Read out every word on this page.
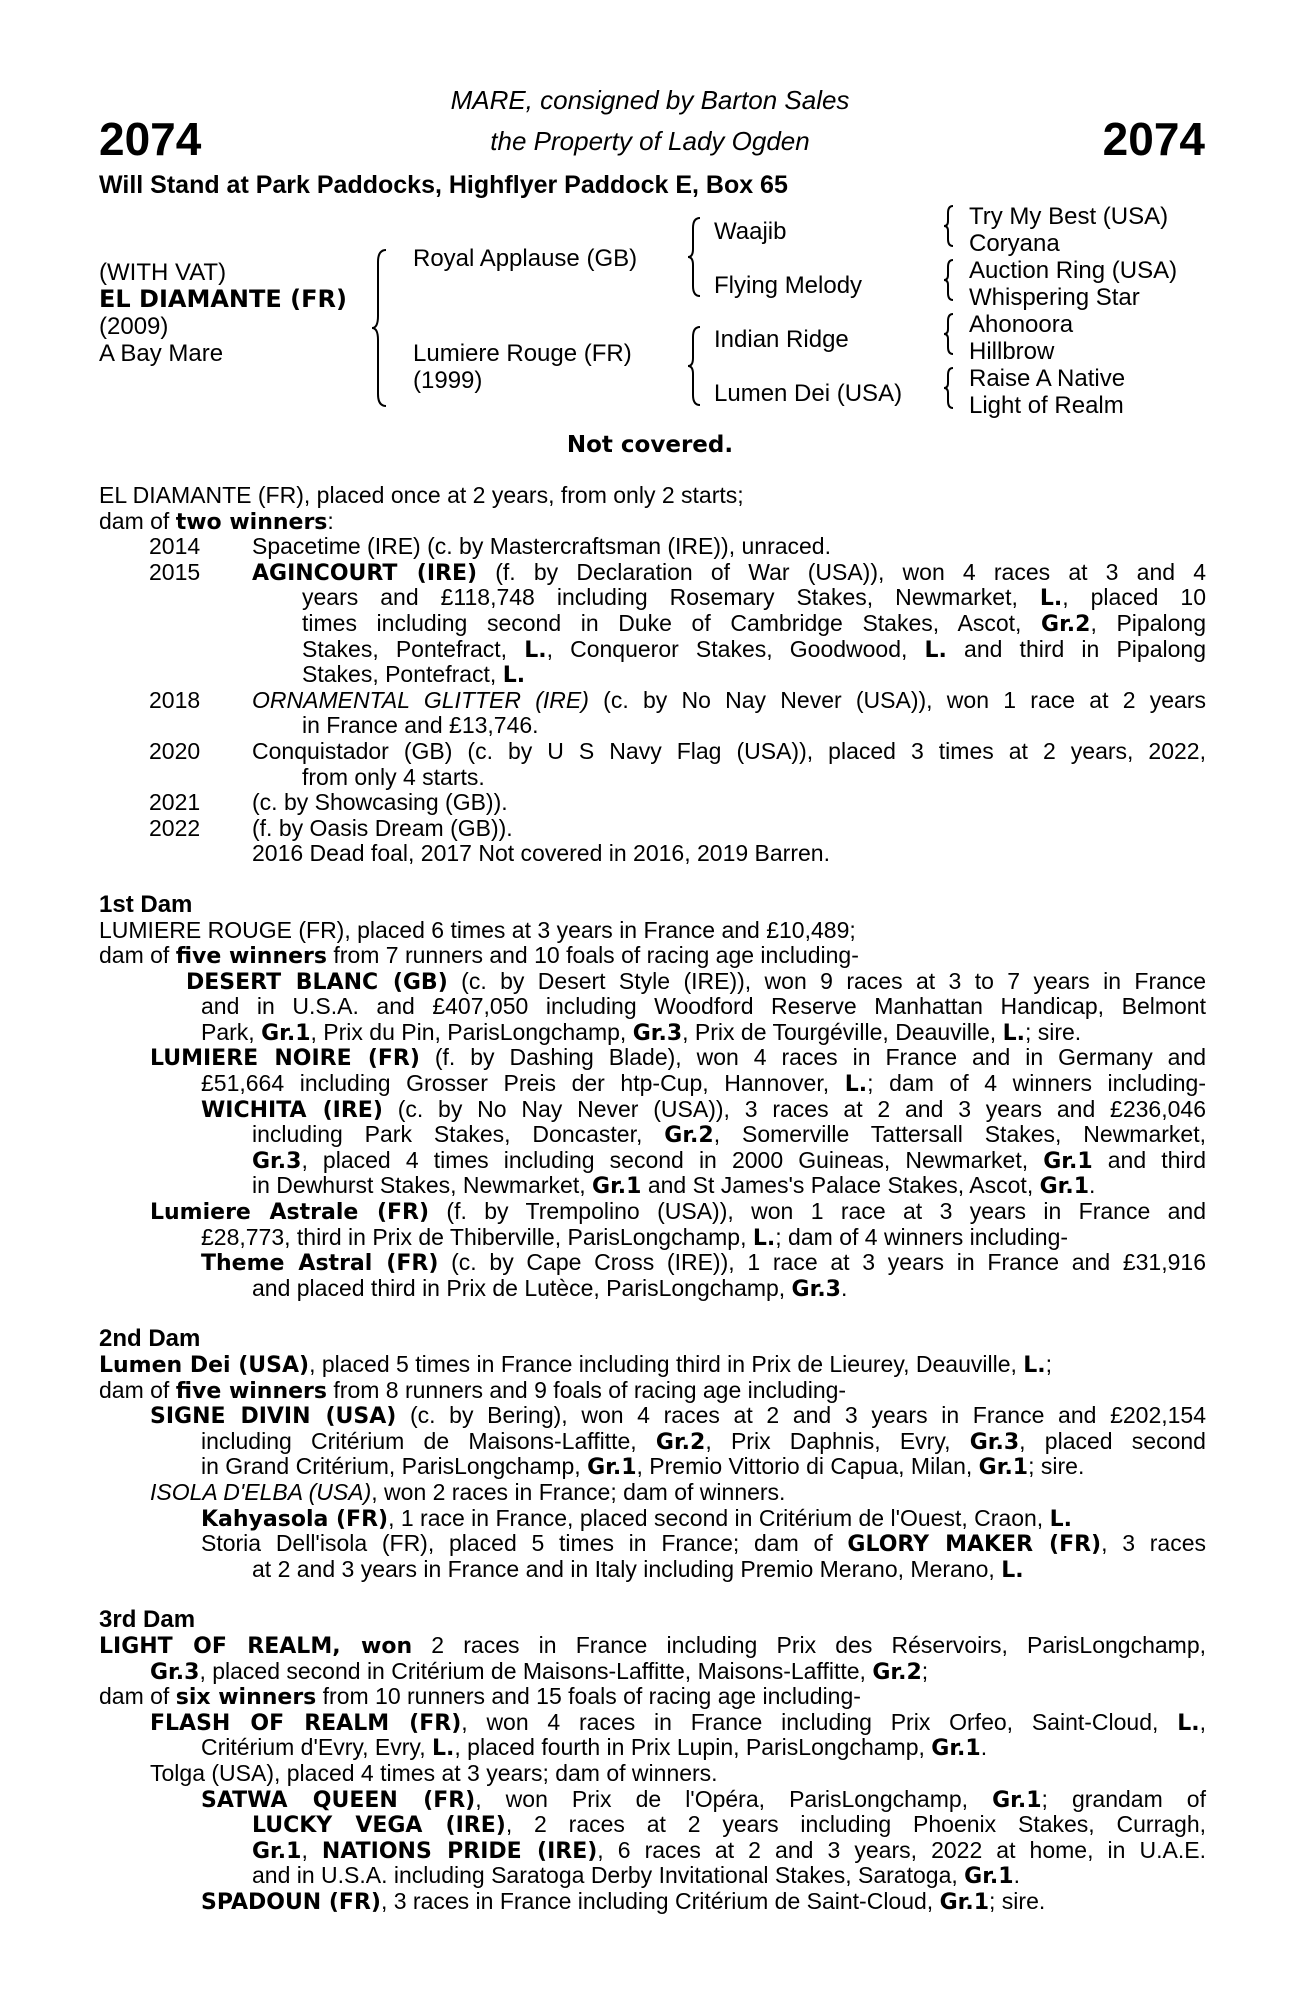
2074	2074
MARE, consigned by Barton Sales
the Property of Lady Ogden
Will Stand at Park Paddocks, Highflyer Paddock E, Box 65
(WITH VAT)
EL DIAMANTE (FR)
(2009)
A Bay Mare
Royal Applause (GB)
Lumiere Rouge (FR)
(1999)
Waajib
Flying Melody
Indian Ridge
Lumen Dei (USA)
Try My Best (USA)
Coryana
Auction Ring (USA)
Whispering Star
Ahonoora
Hillbrow
Raise A Native
Light of Realm
Not covered.
EL DIAMANTE (FR), placed once at 2 years, from only 2 starts;
dam of two winners:
2014	Spacetime (IRE) (c. by Mastercraftsman (IRE)), unraced.
2015	AGINCOURT (IRE) (f. by Declaration of War (USA)), won 4 races at 3 and 4
years and £118,748 including Rosemary Stakes, Newmarket, L., placed 10
times including second in Duke of Cambridge Stakes, Ascot, Gr.2, Pipalong
Stakes, Pontefract, L., Conqueror Stakes, Goodwood, L. and third in Pipalong
Stakes, Pontefract, L.
2018	ORNAMENTAL GLITTER (IRE) (c. by No Nay Never (USA)), won 1 race at 2 years
in France and £13,746.
2020	Conquistador (GB) (c. by U S Navy Flag (USA)), placed 3 times at 2 years, 2022,
from only 4 starts.
2021	(c. by Showcasing (GB)).
2022	(f. by Oasis Dream (GB)).
2016 Dead foal, 2017 Not covered in 2016, 2019 Barren.
1st Dam
LUMIERE ROUGE (FR), placed 6 times at 3 years in France and £10,489;
dam of five winners from 7 runners and 10 foals of racing age including-
DESERT BLANC (GB) (c. by Desert Style (IRE)), won 9 races at 3 to 7 years in France
and in U.S.A. and £407,050 including Woodford Reserve Manhattan Handicap, Belmont
Park, Gr.1, Prix du Pin, ParisLongchamp, Gr.3, Prix de Tourgéville, Deauville, L.; sire.
LUMIERE NOIRE (FR) (f. by Dashing Blade), won 4 races in France and in Germany and
£51,664 including Grosser Preis der htp-Cup, Hannover, L.; dam of 4 winners including-
WICHITA (IRE) (c. by No Nay Never (USA)), 3 races at 2 and 3 years and £236,046
including Park Stakes, Doncaster, Gr.2, Somerville Tattersall Stakes, Newmarket,
Gr.3, placed 4 times including second in 2000 Guineas, Newmarket, Gr.1 and third
in Dewhurst Stakes, Newmarket, Gr.1 and St James's Palace Stakes, Ascot, Gr.1.
Lumiere Astrale (FR) (f. by Trempolino (USA)), won 1 race at 3 years in France and
£28,773, third in Prix de Thiberville, ParisLongchamp, L.; dam of 4 winners including-
Theme Astral (FR) (c. by Cape Cross (IRE)), 1 race at 3 years in France and £31,916
and placed third in Prix de Lutèce, ParisLongchamp, Gr.3.
2nd Dam
Lumen Dei (USA), placed 5 times in France including third in Prix de Lieurey, Deauville, L.;
dam of five winners from 8 runners and 9 foals of racing age including-
SIGNE DIVIN (USA) (c. by Bering), won 4 races at 2 and 3 years in France and £202,154
including Critérium de Maisons-Laffitte, Gr.2, Prix Daphnis, Evry, Gr.3, placed second
in Grand Critérium, ParisLongchamp, Gr.1, Premio Vittorio di Capua, Milan, Gr.1; sire.
ISOLA D'ELBA (USA), won 2 races in France; dam of winners.
Kahyasola (FR), 1 race in France, placed second in Critérium de l'Ouest, Craon, L.
Storia Dell'isola (FR), placed 5 times in France; dam of GLORY MAKER (FR), 3 races
at 2 and 3 years in France and in Italy including Premio Merano, Merano, L.
3rd Dam
LIGHT OF REALM, won 2 races in France including Prix des Réservoirs, ParisLongchamp,
Gr.3, placed second in Critérium de Maisons-Laffitte, Maisons-Laffitte, Gr.2;
dam of six winners from 10 runners and 15 foals of racing age including-
FLASH OF REALM (FR), won 4 races in France including Prix Orfeo, Saint-Cloud, L.,
Critérium d'Evry, Evry, L., placed fourth in Prix Lupin, ParisLongchamp, Gr.1.
Tolga (USA), placed 4 times at 3 years; dam of winners.
SATWA QUEEN (FR), won Prix de l'Opéra, ParisLongchamp, Gr.1; grandam of
LUCKY VEGA (IRE), 2 races at 2 years including Phoenix Stakes, Curragh,
Gr.1, NATIONS PRIDE (IRE), 6 races at 2 and 3 years, 2022 at home, in U.A.E.
and in U.S.A. including Saratoga Derby Invitational Stakes, Saratoga, Gr.1.
SPADOUN (FR), 3 races in France including Critérium de Saint-Cloud, Gr.1; sire.
